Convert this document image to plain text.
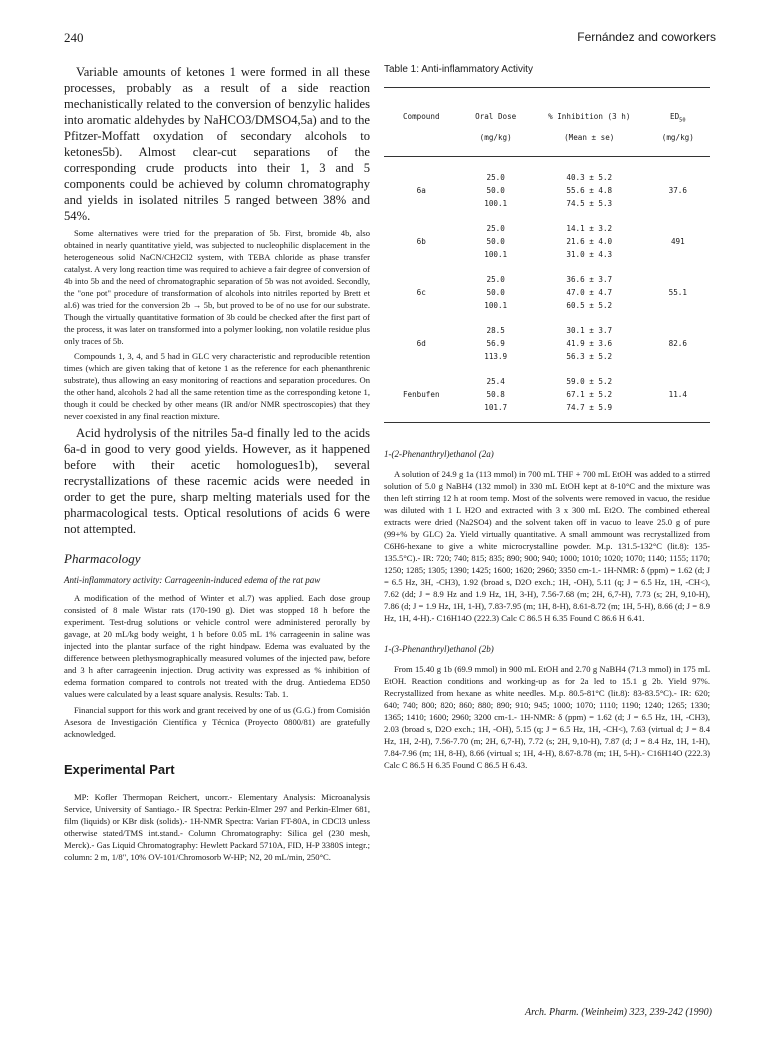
240	Fernández and coworkers

Variable amounts of ketones 1 were formed in all these processes, probably as a result of a side reaction mechanistically related to the conversion of benzylic halides into aromatic aldehydes by NaHCO3/DMSO4,5a) and to the Pfitzer-Moffatt oxydation of secondary alcohols to ketones5b). Almost clear-cut separations of the corresponding crude products into their 1, 3 and 5 components could be achieved by column chromatography and yields in isolated nitriles 5 ranged between 38% and 54%.

Some alternatives were tried for the preparation of 5b. First, bromide 4b, also obtained in nearly quantitative yield, was subjected to nucleophilic displacement in the heterogeneous solid NaCN/CH2Cl2 system, with TEBA chloride as phase transfer catalyst. A very long reaction time was required to achieve a fair degree of conversion of 4b into 5b and the need of chromatographic separation of 5b was not avoided. Secondly, the "one pot" procedure of transformation of alcohols into nitriles reported by Brett et al.6) was tried for the conversion 2b → 5b, but proved to be of no use for our substrate. Though the virtually quantitative formation of 3b could be checked after the first part of the process, it was later on transformed into a polymer looking, non volatile residue plus only traces of 5b.

Compounds 1, 3, 4, and 5 had in GLC very characteristic and reproducible retention times (which are given taking that of ketone 1 as the reference for each phenanthrenic substrate), thus allowing an easy monitoring of reactions and separation procedures. On the other hand, alcohols 2 had all the same retention time as the corresponding ketone 1, though it could be checked by other means (IR and/or NMR spectroscopies) that they never coexisted in any final reaction mixture.

Acid hydrolysis of the nitriles 5a-d finally led to the acids 6a-d in good to very good yields. However, as it happened before with their acetic homologues1b), several recrystallizations of these racemic acids were needed in order to get the pure, sharp melting materials used for the pharmacological tests. Optical resolutions of acids 6 were not attempted.

Pharmacology
Anti-inflammatory activity: Carrageenin-induced edema of the rat paw

A modification of the method of Winter et al.7) was applied. Each dose group consisted of 8 male Wistar rats (170-190 g). Diet was stopped 18 h before the experiment. Test-drug solutions or vehicle control were administered perorally by gavage, at 20 mL/kg body weight, 1 h before 0.05 mL 1% carrageenin in saline was injected into the plantar surface of the right hindpaw. Edema was evaluated by the difference between plethysmographically measured volumes of the injected paw, before and 3 h after carrageenin injection. Drug activity was expressed as % inhibition of edema formation compared to controls not treated with the drug. Antiedema ED50 values were calculated by a least square analysis. Results: Tab. 1.

Financial support for this work and grant received by one of us (G.G.) from Comisión Asesora de Investigación Científica y Técnica (Proyecto 0800/81) are gratefully acknowledged.

Experimental Part

MP: Kofler Thermopan Reichert, uncorr.- Elementary Analysis: Microanalysis Service, University of Santiago.- IR Spectra: Perkin-Elmer 297 and Perkin-Elmer 681, film (liquids) or KBr disk (solids).- 1H-NMR Spectra: Varian FT-80A, in CDCl3 unless otherwise stated/TMS int.stand.- Column Chromatography: Silica gel (230 mesh, Merck).- Gas Liquid Chromatography: Hewlett Packard 5710A, FID, H-P 3380S integr.; column: 2 m, 1/8", 10% OV-101/Chromosorb W-HP; N2, 20 mL/min, 250°C.

Table 1: Anti-inflammatory Activity
Compound	Oral Dose	% Inhibition (3 h)	$ED_{50}$
	(mg/kg)	(Mean ± se)	(mg/kg)

	25.0	40.3 ± 5.2	
6a	50.0	55.6 ± 4.8	37.6
	100.1	74.5 ± 5.3	

	25.0	14.1 ± 3.2	
6b	50.0	21.6 ± 4.0	491
	100.1	31.0 ± 4.3	

	25.0	36.6 ± 3.7	
6c	50.0	47.0 ± 4.7	55.1
	100.1	60.5 ± 5.2	

	28.5	30.1 ± 3.7	
6d	56.9	41.9 ± 3.6	82.6
	113.9	56.3 ± 5.2	

	25.4	59.0 ± 5.2	
Fenbufen	50.8	67.1 ± 5.2	11.4
	101.7	74.7 ± 5.9	

1-(2-Phenanthryl)ethanol (2a)

A solution of 24.9 g 1a (113 mmol) in 700 mL THF + 700 mL EtOH was added to a stirred solution of 5.0 g NaBH4 (132 mmol) in 330 mL EtOH kept at 8-10°C and the mixture was then left stirring 12 h at room temp. Most of the solvents were removed in vacuo, the residue was diluted with 1 L H2O and extracted with 3 x 300 mL Et2O. The combined ethereal extracts were dried (Na2SO4) and the solvent taken off in vacuo to leave 25.0 g of pure (99+% by GLC) 2a. Yield virtually quantitative. A small ammount was recrystallized from C6H6-hexane to give a white microcrystalline powder. M.p. 131.5-132°C (lit.8): 135-135.5°C).- IR: 720; 740; 815; 835; 890; 900; 940; 1000; 1010; 1020; 1070; 1140; 1155; 1170; 1250; 1285; 1305; 1390; 1425; 1600; 1620; 2960; 3350 cm-1.- 1H-NMR: δ (ppm) = 1.62 (d; J = 6.5 Hz, 3H, -CH3), 1.92 (broad s, D2O exch.; 1H, -OH), 5.11 (q; J = 6.5 Hz, 1H, -CH<), 7.62 (dd; J = 8.9 Hz and 1.9 Hz, 1H, 3-H), 7.56-7.68 (m; 2H, 6,7-H), 7.73 (s; 2H, 9,10-H), 7.86 (d; J = 1.9 Hz, 1H, 1-H), 7.83-7.95 (m; 1H, 8-H), 8.61-8.72 (m; 1H, 5-H), 8.66 (d; J = 8.9 Hz, 1H, 4-H).- C16H14O (222.3) Calc C 86.5 H 6.35 Found C 86.6 H 6.41.

1-(3-Phenanthryl)ethanol (2b)

From 15.40 g 1b (69.9 mmol) in 900 mL EtOH and 2.70 g NaBH4 (71.3 mmol) in 175 mL EtOH. Reaction conditions and working-up as for 2a led to 15.1 g 2b. Yield 97%. Recrystallized from hexane as white needles. M.p. 80.5-81°C (lit.8): 83-83.5°C).- IR: 620; 640; 740; 800; 820; 860; 880; 890; 910; 945; 1000; 1070; 1110; 1190; 1240; 1265; 1330; 1365; 1410; 1600; 2960; 3200 cm-1.- 1H-NMR: δ (ppm) = 1.62 (d; J = 6.5 Hz, 1H, -CH3), 2.03 (broad s, D2O exch.; 1H, -OH), 5.15 (q; J = 6.5 Hz, 1H, -CH<), 7.63 (virtual d; J = 8.4 Hz, 1H, 2-H), 7.56-7.70 (m; 2H, 6,7-H), 7.72 (s; 2H, 9,10-H), 7.87 (d; J = 8.4 Hz, 1H, 1-H), 7.84-7.96 (m; 1H, 8-H), 8.66 (virtual s; 1H, 4-H), 8.67-8.78 (m; 1H, 5-H).- C16H14O (222.3) Calc C 86.5 H 6.35 Found C 86.5 H 6.43.

Arch. Pharm. (Weinheim) 323, 239-242 (1990)
